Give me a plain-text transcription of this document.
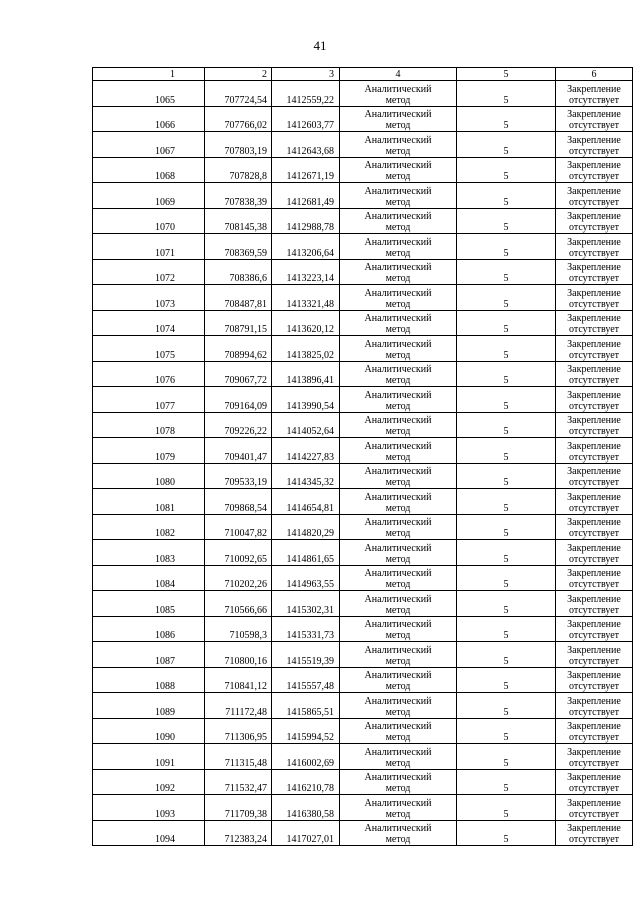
41
1	2	3	4	5	6
1065	707724,54	1412559,22	Аналитический
метод	5	Закрепление
отсутствует

1066	707766,02	1412603,77	Аналитический
метод	5	Закрепление
отсутствует

1067	707803,19	1412643,68	Аналитический
метод	5	Закрепление
отсутствует

1068	707828,8	1412671,19	Аналитический
метод	5	Закрепление
отсутствует

1069	707838,39	1412681,49	Аналитический
метод	5	Закрепление
отсутствует

1070	708145,38	1412988,78	Аналитический
метод	5	Закрепление
отсутствует

1071	708369,59	1413206,64	Аналитический
метод	5	Закрепление
отсутствует

1072	708386,6	1413223,14	Аналитический
метод	5	Закрепление
отсутствует

1073	708487,81	1413321,48	Аналитический
метод	5	Закрепление
отсутствует

1074	708791,15	1413620,12	Аналитический
метод	5	Закрепление
отсутствует

1075	708994,62	1413825,02	Аналитический
метод	5	Закрепление
отсутствует

1076	709067,72	1413896,41	Аналитический
метод	5	Закрепление
отсутствует

1077	709164,09	1413990,54	Аналитический
метод	5	Закрепление
отсутствует

1078	709226,22	1414052,64	Аналитический
метод	5	Закрепление
отсутствует

1079	709401,47	1414227,83	Аналитический
метод	5	Закрепление
отсутствует

1080	709533,19	1414345,32	Аналитический
метод	5	Закрепление
отсутствует

1081	709868,54	1414654,81	Аналитический
метод	5	Закрепление
отсутствует

1082	710047,82	1414820,29	Аналитический
метод	5	Закрепление
отсутствует

1083	710092,65	1414861,65	Аналитический
метод	5	Закрепление
отсутствует

1084	710202,26	1414963,55	Аналитический
метод	5	Закрепление
отсутствует

1085	710566,66	1415302,31	Аналитический
метод	5	Закрепление
отсутствует

1086	710598,3	1415331,73	Аналитический
метод	5	Закрепление
отсутствует

1087	710800,16	1415519,39	Аналитический
метод	5	Закрепление
отсутствует

1088	710841,12	1415557,48	Аналитический
метод	5	Закрепление
отсутствует

1089	711172,48	1415865,51	Аналитический
метод	5	Закрепление
отсутствует

1090	711306,95	1415994,52	Аналитический
метод	5	Закрепление
отсутствует

1091	711315,48	1416002,69	Аналитический
метод	5	Закрепление
отсутствует

1092	711532,47	1416210,78	Аналитический
метод	5	Закрепление
отсутствует

1093	711709,38	1416380,58	Аналитический
метод	5	Закрепление
отсутствует

1094	712383,24	1417027,01	Аналитический
метод	5	Закрепление
отсутствует
